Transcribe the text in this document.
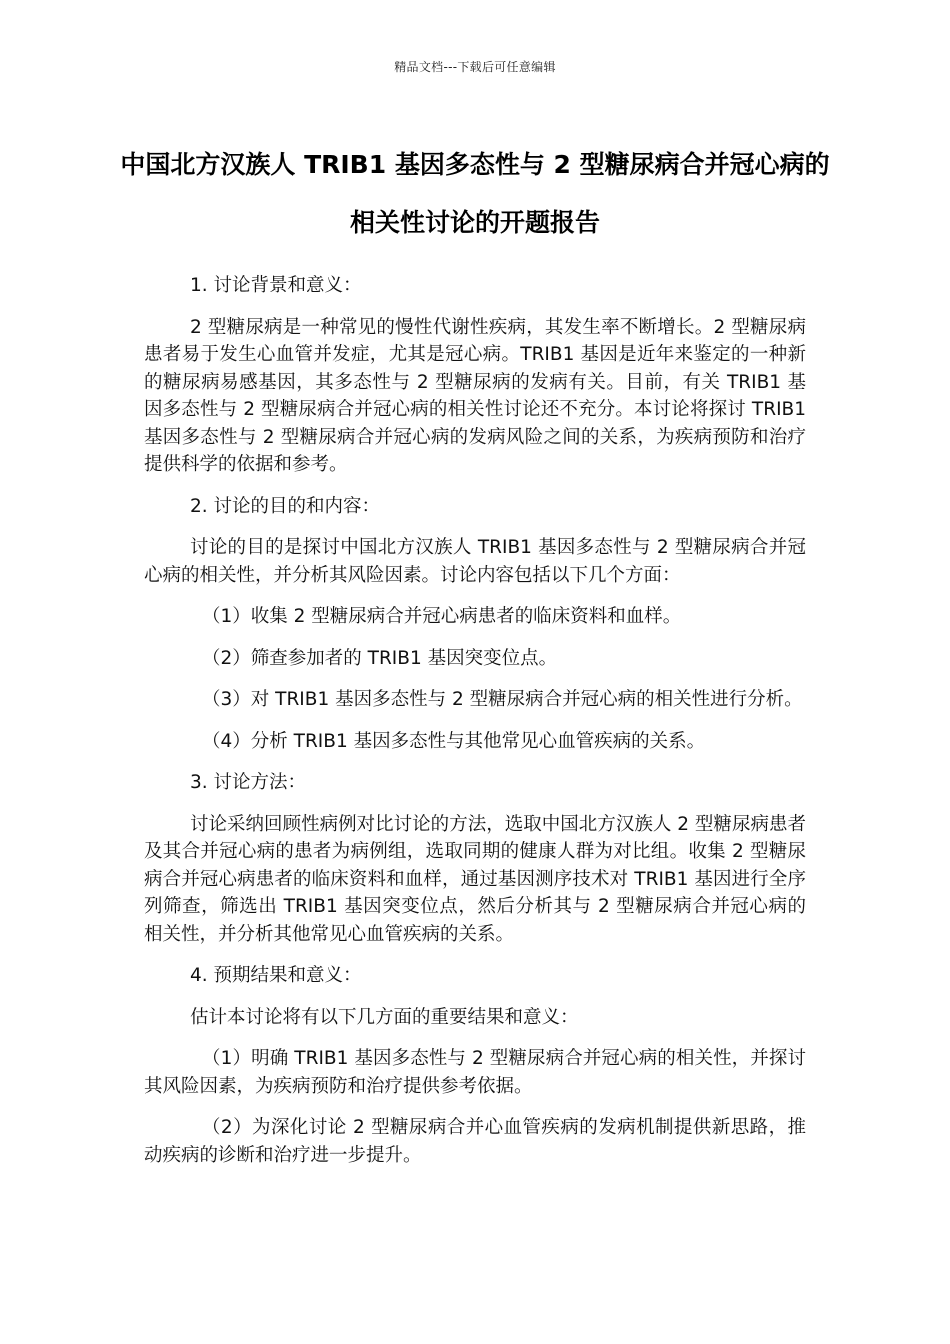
精品文档---下载后可任意编辑
中国北方汉族人 TRIB1 基因多态性与 2 型糖尿病合并冠心病的相关性讨论的开题报告

1. 讨论背景和意义：

2 型糖尿病是一种常见的慢性代谢性疾病，其发生率不断增长。2 型糖尿病患者易于发生心血管并发症，尤其是冠心病。TRIB1 基因是近年来鉴定的一种新的糖尿病易感基因，其多态性与 2 型糖尿病的发病有关。目前，有关 TRIB1 基因多态性与 2 型糖尿病合并冠心病的相关性讨论还不充分。本讨论将探讨 TRIB1 基因多态性与 2 型糖尿病合并冠心病的发病风险之间的关系，为疾病预防和治疗提供科学的依据和参考。

2. 讨论的目的和内容：

讨论的目的是探讨中国北方汉族人 TRIB1 基因多态性与 2 型糖尿病合并冠心病的相关性，并分析其风险因素。讨论内容包括以下几个方面：

（1）收集 2 型糖尿病合并冠心病患者的临床资料和血样。

（2）筛查参加者的 TRIB1 基因突变位点。

（3）对 TRIB1 基因多态性与 2 型糖尿病合并冠心病的相关性进行分析。

（4）分析 TRIB1 基因多态性与其他常见心血管疾病的关系。

3. 讨论方法：

讨论采纳回顾性病例对比讨论的方法，选取中国北方汉族人 2 型糖尿病患者及其合并冠心病的患者为病例组，选取同期的健康人群为对比组。收集 2 型糖尿病合并冠心病患者的临床资料和血样，通过基因测序技术对 TRIB1 基因进行全序列筛查，筛选出 TRIB1 基因突变位点，然后分析其与 2 型糖尿病合并冠心病的相关性，并分析其他常见心血管疾病的关系。

4. 预期结果和意义：

估计本讨论将有以下几方面的重要结果和意义：

（1）明确 TRIB1 基因多态性与 2 型糖尿病合并冠心病的相关性，并探讨其风险因素，为疾病预防和治疗提供参考依据。

（2）为深化讨论 2 型糖尿病合并心血管疾病的发病机制提供新思路，推动疾病的诊断和治疗进一步提升。
